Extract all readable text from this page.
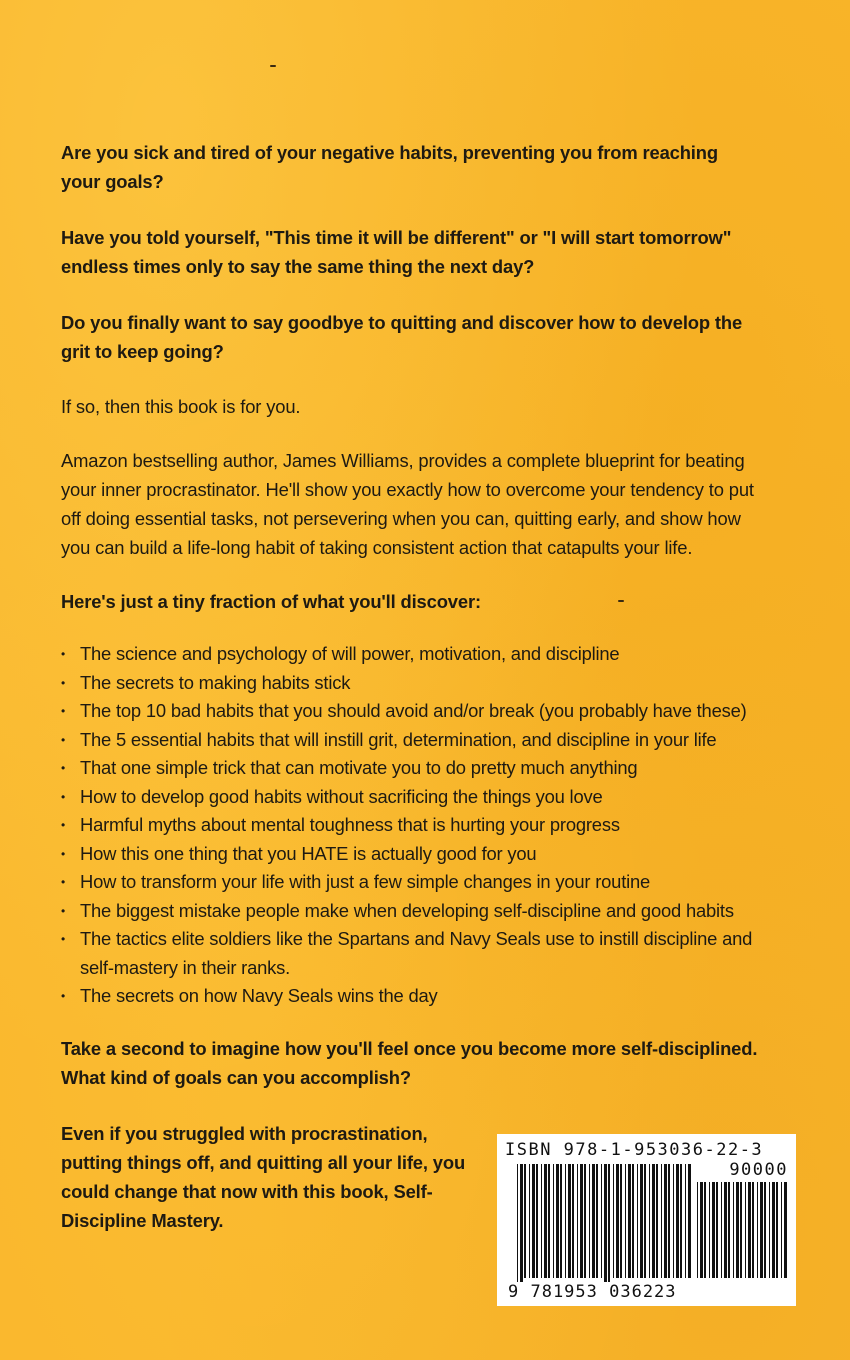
Are you sick and tired of your negative habits, preventing you from reaching your goals?

Have you told yourself, "This time it will be different" or "I will start tomorrow" endless times only to say the same thing the next day?

Do you finally want to say goodbye to quitting and discover how to develop the grit to keep going?

If so, then this book is for you.

Amazon bestselling author, James Williams, provides a complete blueprint for beating your inner procrastinator. He'll show you exactly how to overcome your tendency to put off doing essential tasks, not persevering when you can, quitting early, and show how you can build a life-long habit of taking consistent action that catapults your life.

Here's just a tiny fraction of what you'll discover:

• The science and psychology of will power, motivation, and discipline
• The secrets to making habits stick
• The top 10 bad habits that you should avoid and/or break (you probably have these)
• The 5 essential habits that will instill grit, determination, and discipline in your life
• That one simple trick that can motivate you to do pretty much anything
• How to develop good habits without sacrificing the things you love
• Harmful myths about mental toughness that is hurting your progress
• How this one thing that you HATE is actually good for you
• How to transform your life with just a few simple changes in your routine
• The biggest mistake people make when developing self-discipline and good habits
• The tactics elite soldiers like the Spartans and Navy Seals use to instill discipline and self-mastery in their ranks.
• The secrets on how Navy Seals wins the day

Take a second to imagine how you'll feel once you become more self-disciplined. What kind of goals can you accomplish?

Even if you struggled with procrastination, putting things off, and quitting all your life, you could change that now with this book, Self-Discipline Mastery.

ISBN 978-1-953036-22-3
90000
9 781953 036223
